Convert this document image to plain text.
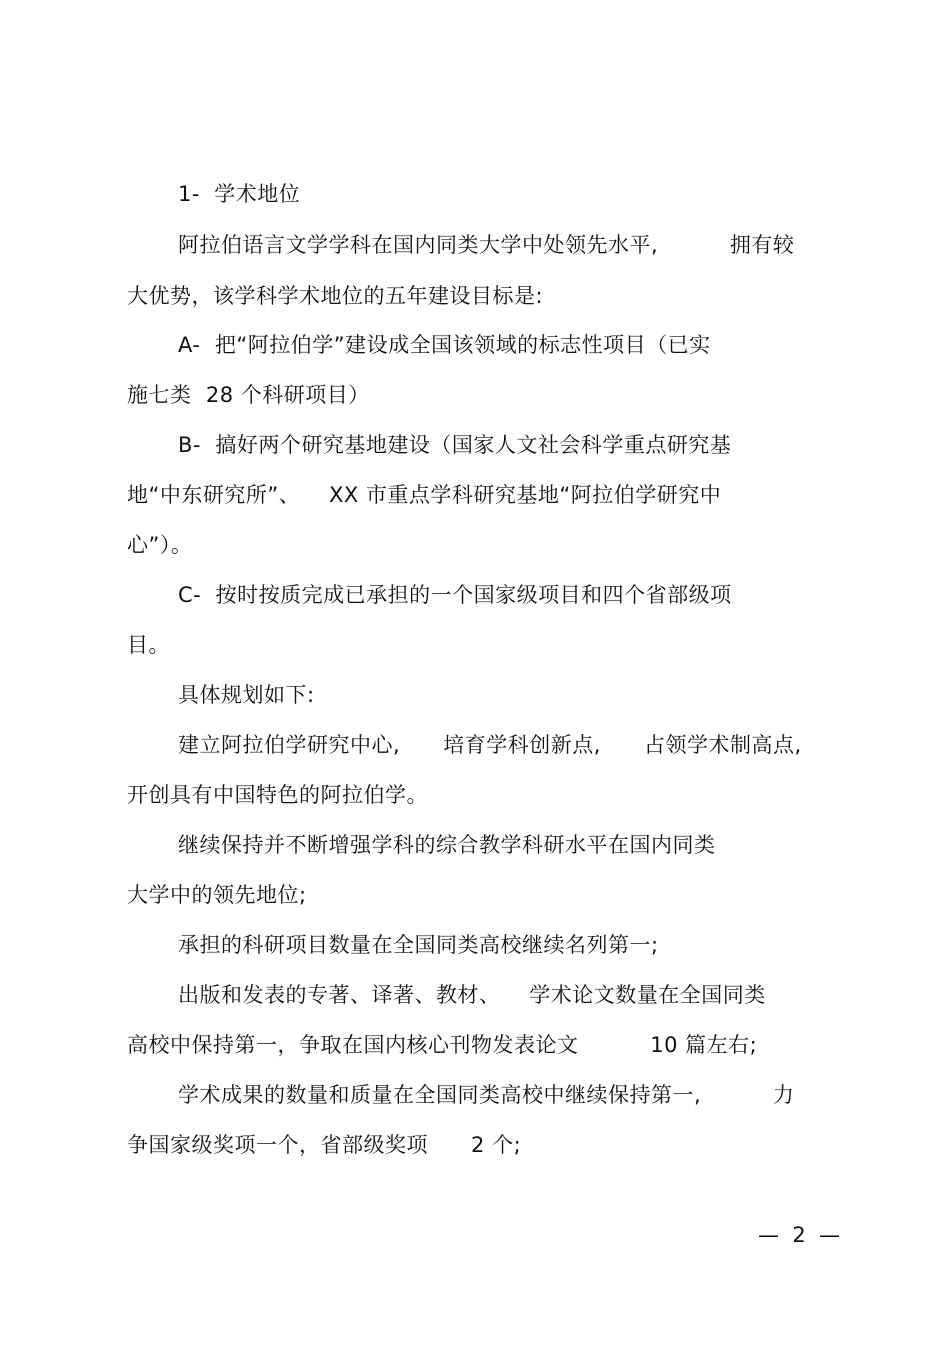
1-  学术地位
阿拉伯语言文学学科在国内同类大学中处领先水平,          拥有较
大优势，该学科学术地位的五年建设目标是:
A-  把“阿拉伯学”建设成全国该领域的标志性项目（已实
施七类  28 个科研项目）
B-  搞好两个研究基地建设（国家人文社会科学重点研究基
地“中东研究所”、    XX 市重点学科研究基地“阿拉伯学研究中
心”）。
C-  按时按质完成已承担的一个国家级项目和四个省部级项
目。
具体规划如下:
建立阿拉伯学研究中心,      培育学科创新点,      占领学术制高点,
开创具有中国特色的阿拉伯学。
继续保持并不断增强学科的综合教学科研水平在国内同类
大学中的领先地位;
承担的科研项目数量在全国同类高校继续名列第一;
出版和发表的专著、译著、教材、    学术论文数量在全国同类
高校中保持第一，争取在国内核心刊物发表论文          10 篇左右;
学术成果的数量和质量在全国同类高校中继续保持第一,          力
争国家级奖项一个，省部级奖项      2 个;
—  2  —
